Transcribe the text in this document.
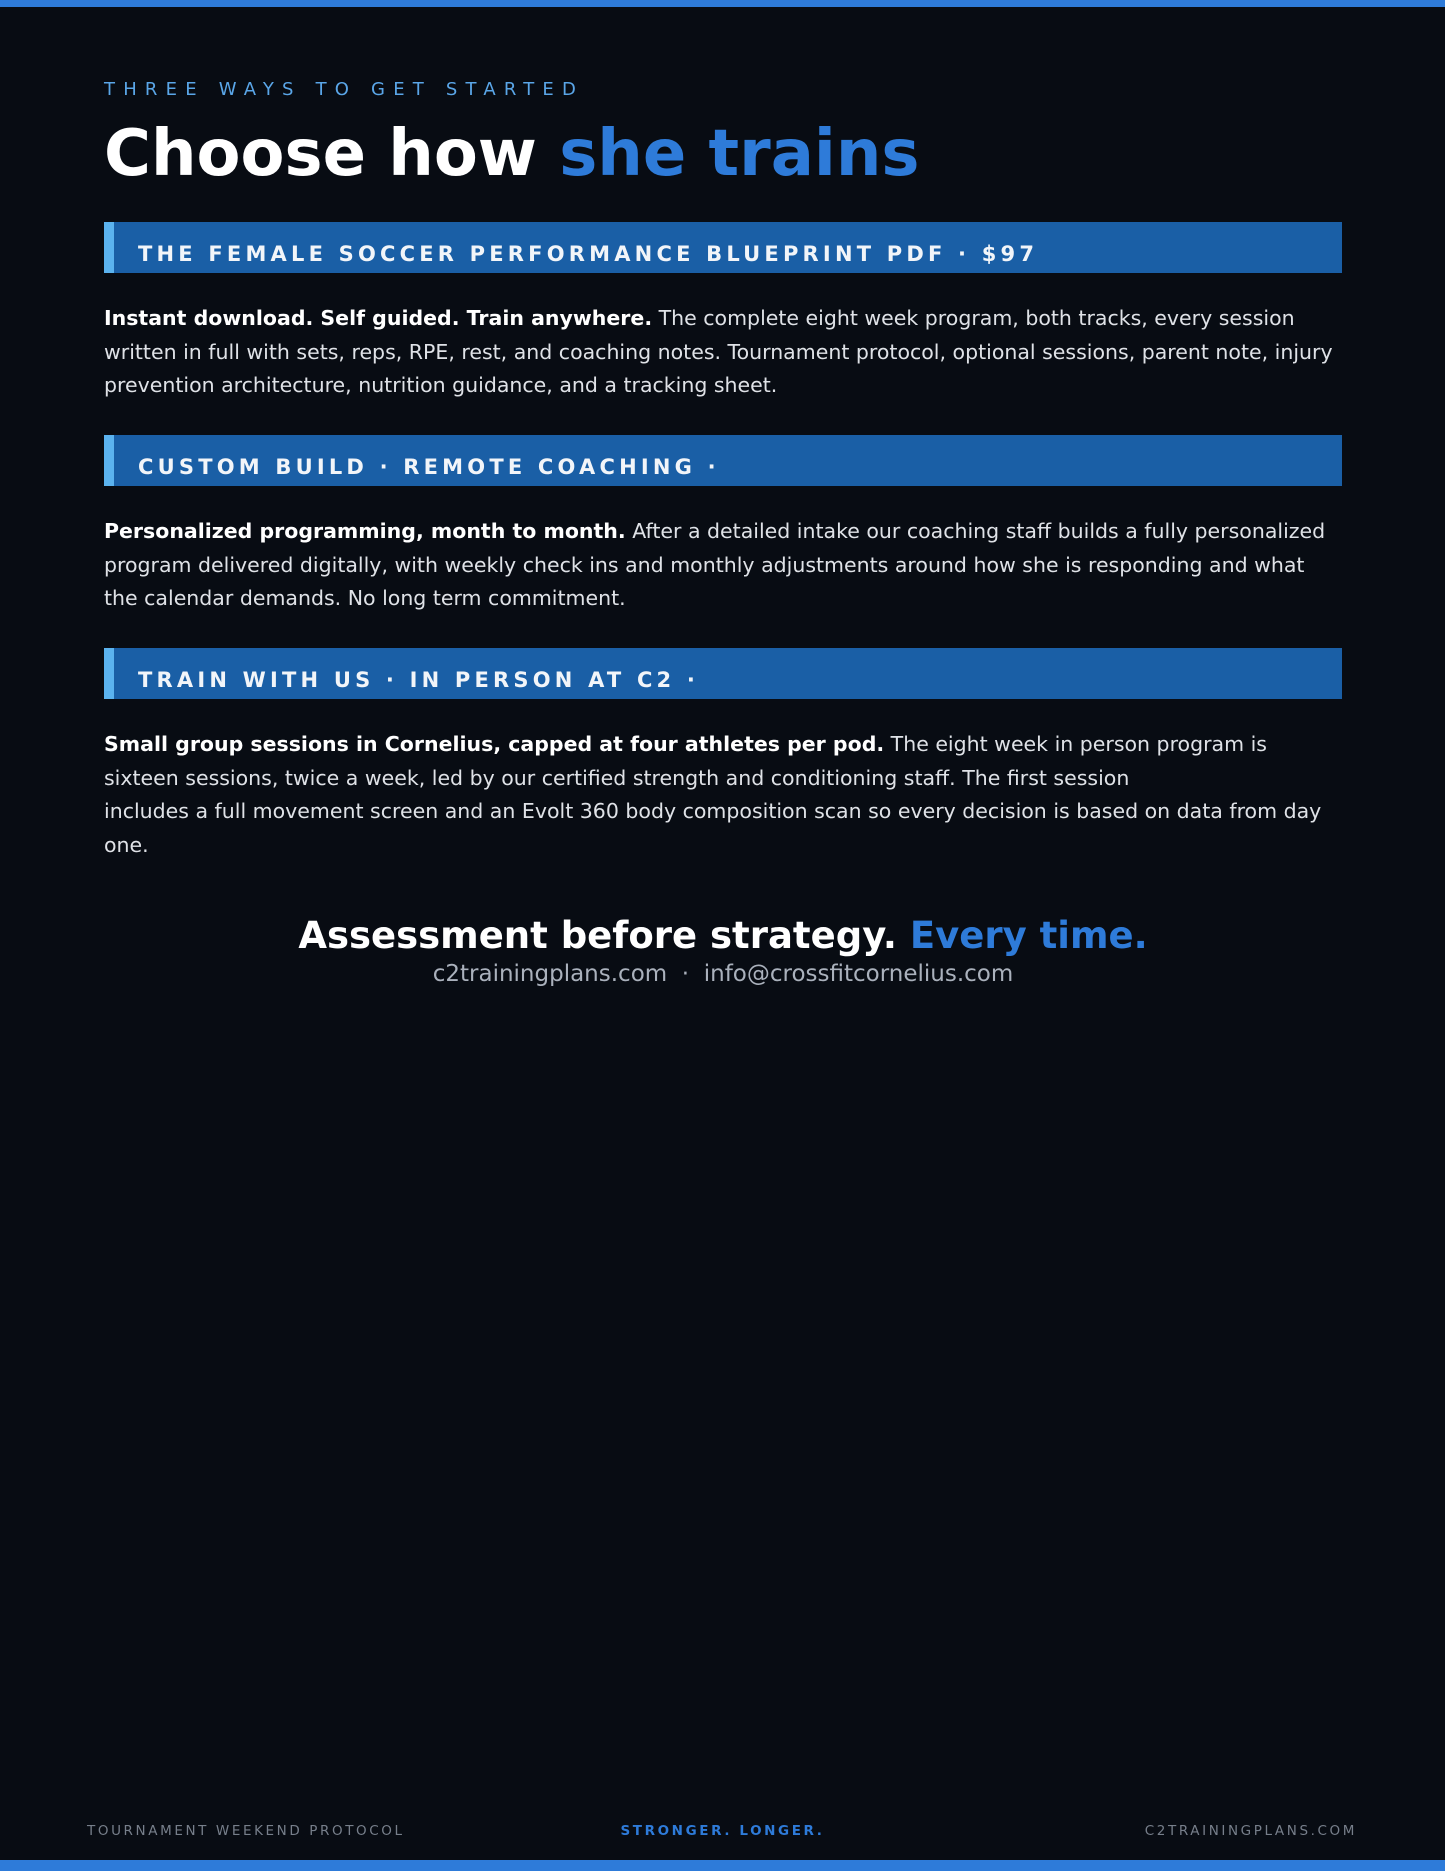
THREE WAYS TO GET STARTED
Choose how she trains
THE FEMALE SOCCER PERFORMANCE BLUEPRINT PDF · $97
Instant download. Self guided. Train anywhere. The complete eight week program, both tracks, every session written in full with sets, reps, RPE, rest, and coaching notes. Tournament protocol, optional sessions, parent note, injury prevention architecture, nutrition guidance, and a tracking sheet.
CUSTOM BUILD · REMOTE COACHING ·
Personalized programming, month to month. After a detailed intake our coaching staff builds a fully personalized program delivered digitally, with weekly check ins and monthly adjustments around how she is responding and what the calendar demands. No long term commitment.
TRAIN WITH US · IN PERSON AT C2 ·
Small group sessions in Cornelius, capped at four athletes per pod. The eight week in person program is sixteen sessions, twice a week, led by our certified strength and conditioning staff. The first session
includes a full movement screen and an Evolt 360 body composition scan so every decision is based on data from day one.
Assessment before strategy. Every time.
c2trainingplans.com  ·  info@crossfitcornelius.com
TOURNAMENT WEEKEND PROTOCOL	STRONGER. LONGER.	C2TRAININGPLANS.COM
